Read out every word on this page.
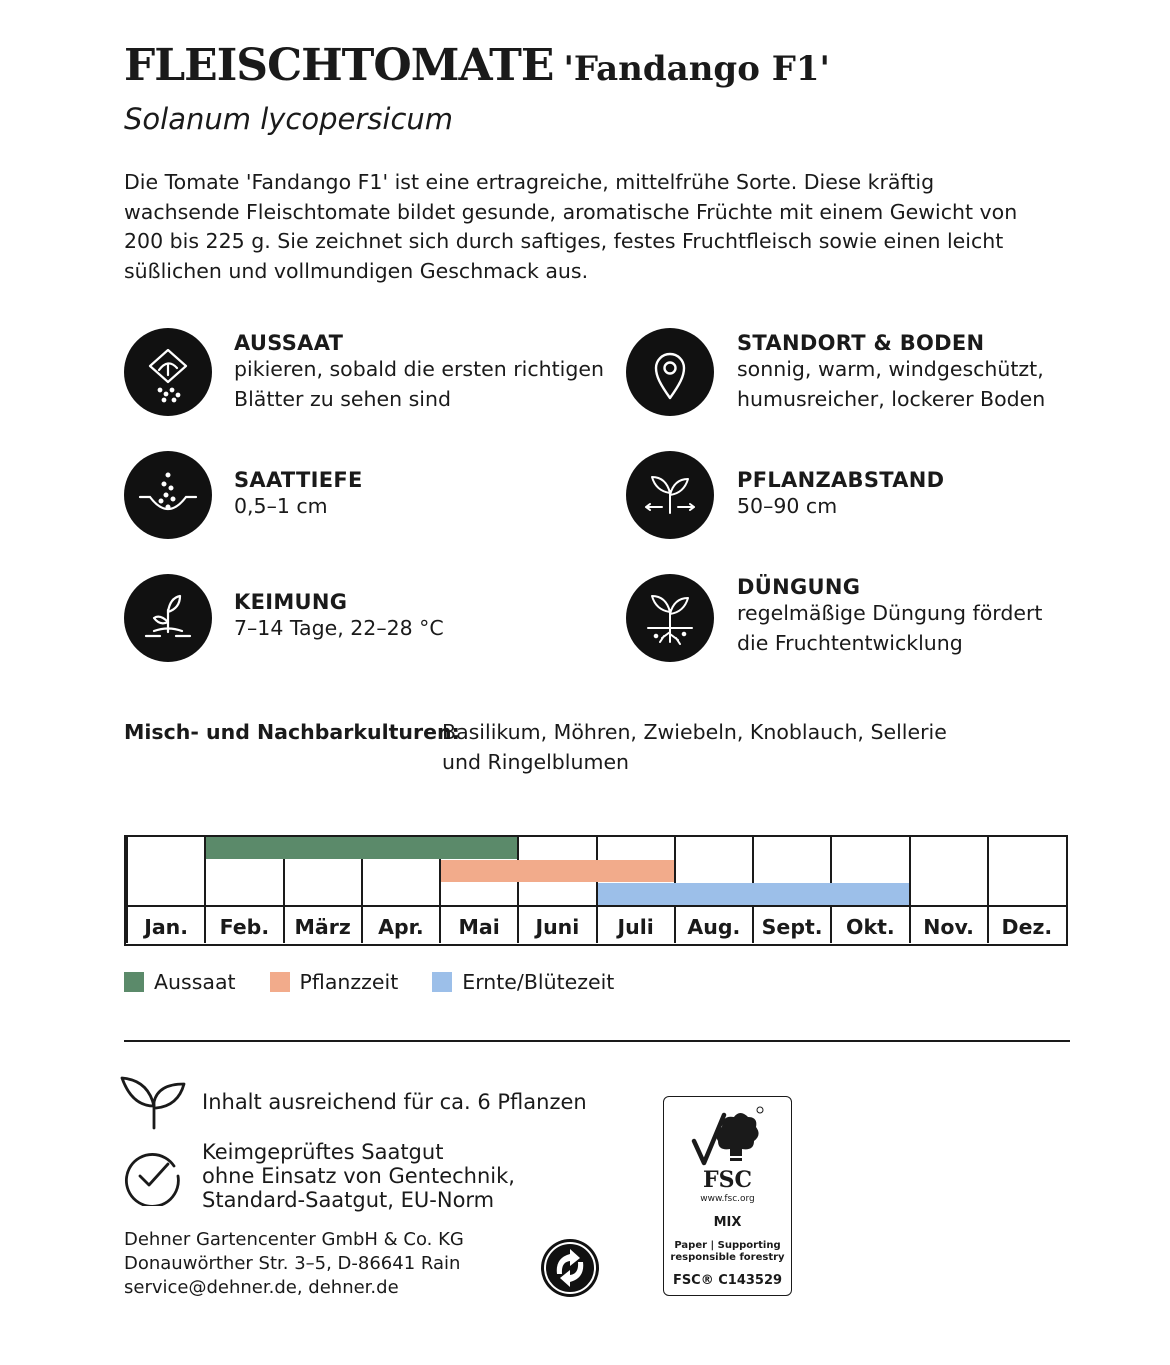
FLEISCHTOMATE 'Fandango F1'
Solanum lycopersicum
Die Tomate 'Fandango F1' ist eine ertragreiche, mittelfrühe Sorte. Diese kräftig wachsende Fleischtomate bildet gesunde, aromatische Früchte mit einem Gewicht von 200 bis 225 g. Sie zeichnet sich durch saftiges, festes Fruchtfleisch sowie einen leicht süßlichen und vollmundigen Geschmack aus.
AUSSAAT
pikieren, sobald die ersten richtigen Blätter zu sehen sind
STANDORT & BODEN
sonnig, warm, windgeschützt, humusreicher, lockerer Boden
SAATTIEFE
0,5–1 cm
PFLANZABSTAND
50–90 cm
KEIMUNG
7–14 Tage, 22–28 °C
DÜNGUNG
regelmäßige Düngung fördert die Fruchtentwicklung
Misch- und Nachbarkulturen:
Basilikum, Möhren, Zwiebeln, Knoblauch, Sellerie und Ringelblumen
Jan.	Feb.	März	Apr.	Mai	Juni	Juli	Aug.	Sept.	Okt.	Nov.	Dez.
Aussaat	Pflanzzeit	Ernte/Blütezeit
Inhalt ausreichend für ca. 6 Pflanzen
Keimgeprüftes Saatgut
ohne Einsatz von Gentechnik,
Standard-Saatgut, EU-Norm
Dehner Gartencenter GmbH & Co. KG
Donauwörther Str. 3–5, D-86641 Rain
service@dehner.de, dehner.de
FSC
www.fsc.org
MIX
Paper | Supporting
responsible forestry
FSC® C143529
